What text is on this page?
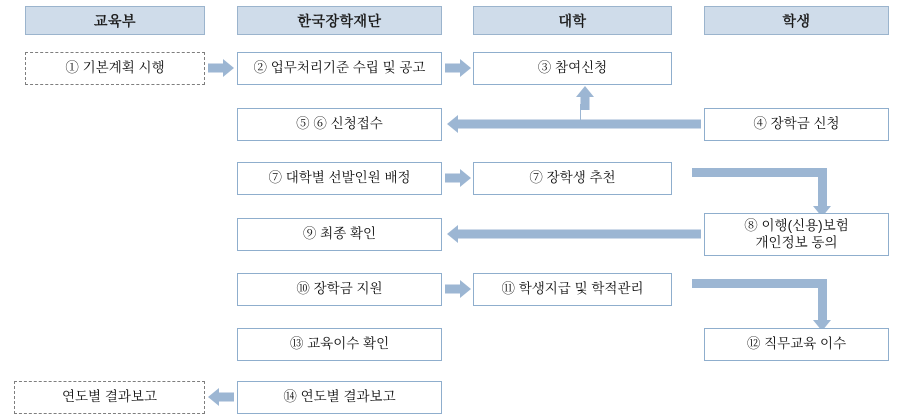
교육부	한국장학재단	대학	학생
① 기본계획 시행	② 업무처리기준 수립 및 공고	③ 참여신청
⑤ ⑥ 신청접수	④ 장학금 신청
⑦ 대학별 선발인원 배정	⑦ 장학생 추천
⑨ 최종 확인
⑧ 이행(신용)보험
개인정보 동의
⑩ 장학금 지원	⑪ 학생지급 및 학적관리
⑬ 교육이수 확인	⑫ 직무교육 이수
연도별 결과보고	⑭ 연도별 결과보고
